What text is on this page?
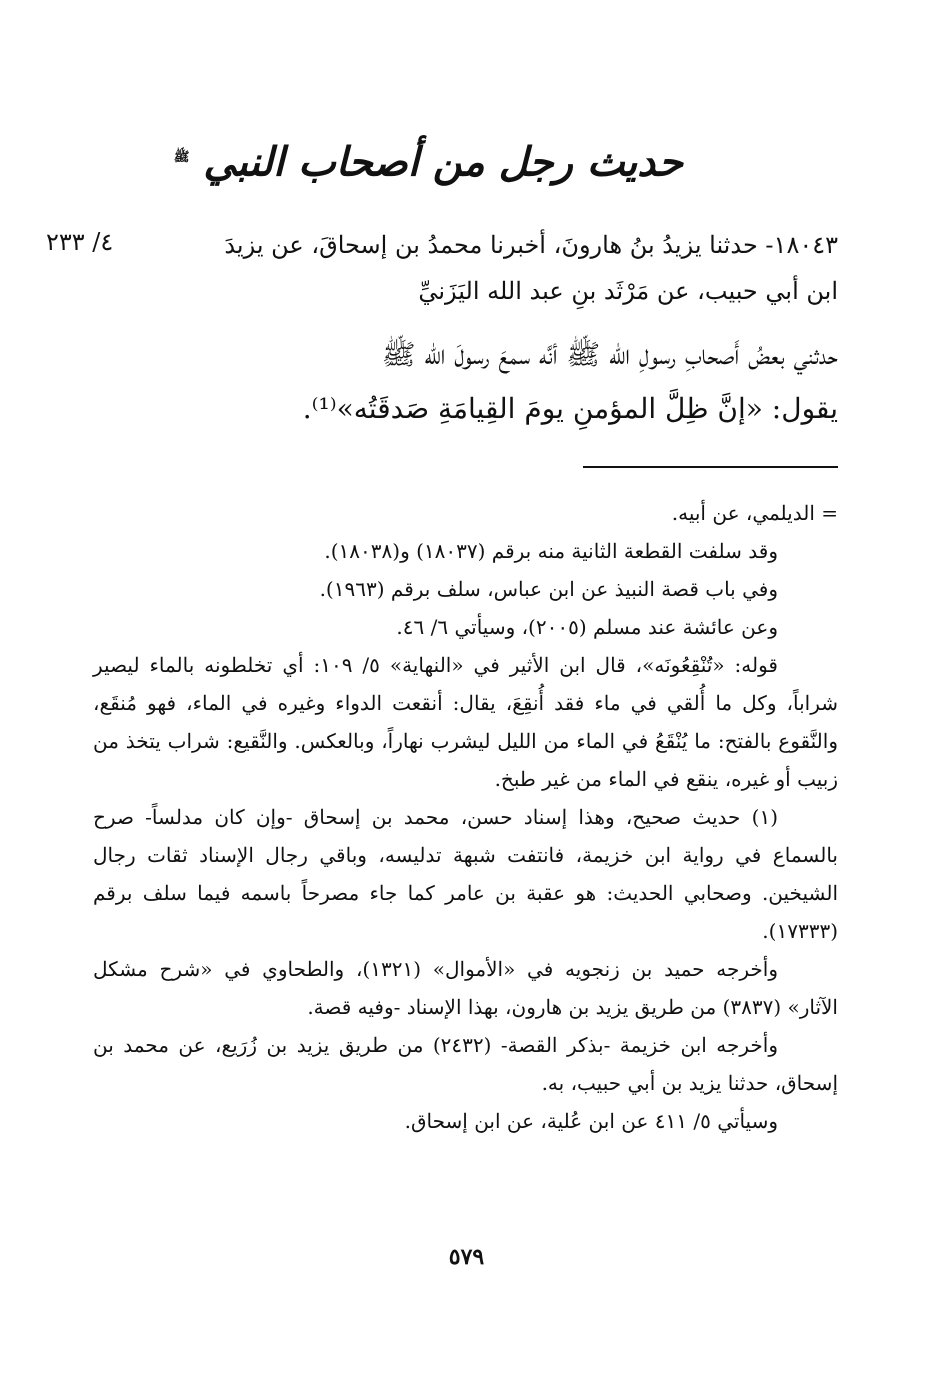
حديث رجل من أصحاب النبي $^ﷺ$
٤/ ٢٣٣	١٨٠٤٣- حدثنا يزيدُ بنُ هارونَ، أخبرنا محمدُ بن إسحاقَ، عن يزيدَ

ابن أبي حبيب، عن مَرْثَد بنِ عبد الله اليَزَنيِّ

حدثني بعضُ أَصحابِ رسولِ الله ﷺ أنَّه سمعَ رسولَ الله ﷺ

يقول: «إنَّ ظِلَّ المؤمنِ يومَ القِيامَةِ صَدقَتُه»⁽¹⁾.

= الديلمي، عن أبيه.

وقد سلفت القطعة الثانية منه برقم (١٨٠٣٧) و(١٨٠٣٨).

وفي باب قصة النبيذ عن ابن عباس، سلف برقم (١٩٦٣).

وعن عائشة عند مسلم (٢٠٠٥)، وسيأتي ٦/ ٤٦.

قوله: «تُنْقِعُونَه»، قال ابن الأثير في «النهاية» ٥/ ١٠٩: أي تخلطونه بالماء ليصير شراباً، وكل ما أُلقي في ماء فقد أُنقِعَ، يقال: أنقعت الدواء وغيره في الماء، فهو مُنقَع، والنَّقوع بالفتح: ما يُنْقَعُ في الماء من الليل ليشرب نهاراً، وبالعكس. والنَّقيع: شراب يتخذ من زبيب أو غيره، ينقع في الماء من غير طبخ.

(١) حديث صحيح، وهذا إسناد حسن، محمد بن إسحاق -وإن كان مدلساً- صرح بالسماع في رواية ابن خزيمة، فانتفت شبهة تدليسه، وباقي رجال الإسناد ثقات رجال الشيخين. وصحابي الحديث: هو عقبة بن عامر كما جاء مصرحاً باسمه فيما سلف برقم (١٧٣٣٣).

وأخرجه حميد بن زنجويه في «الأموال» (١٣٢١)، والطحاوي في «شرح مشكل الآثار» (٣٨٣٧) من طريق يزيد بن هارون، بهذا الإسناد -وفيه قصة.

وأخرجه ابن خزيمة -بذكر القصة- (٢٤٣٢) من طريق يزيد بن زُرَيع، عن محمد بن إسحاق، حدثنا يزيد بن أبي حبيب، به.

وسيأتي ٥/ ٤١١ عن ابن عُلية، عن ابن إسحاق.

٥٧٩
